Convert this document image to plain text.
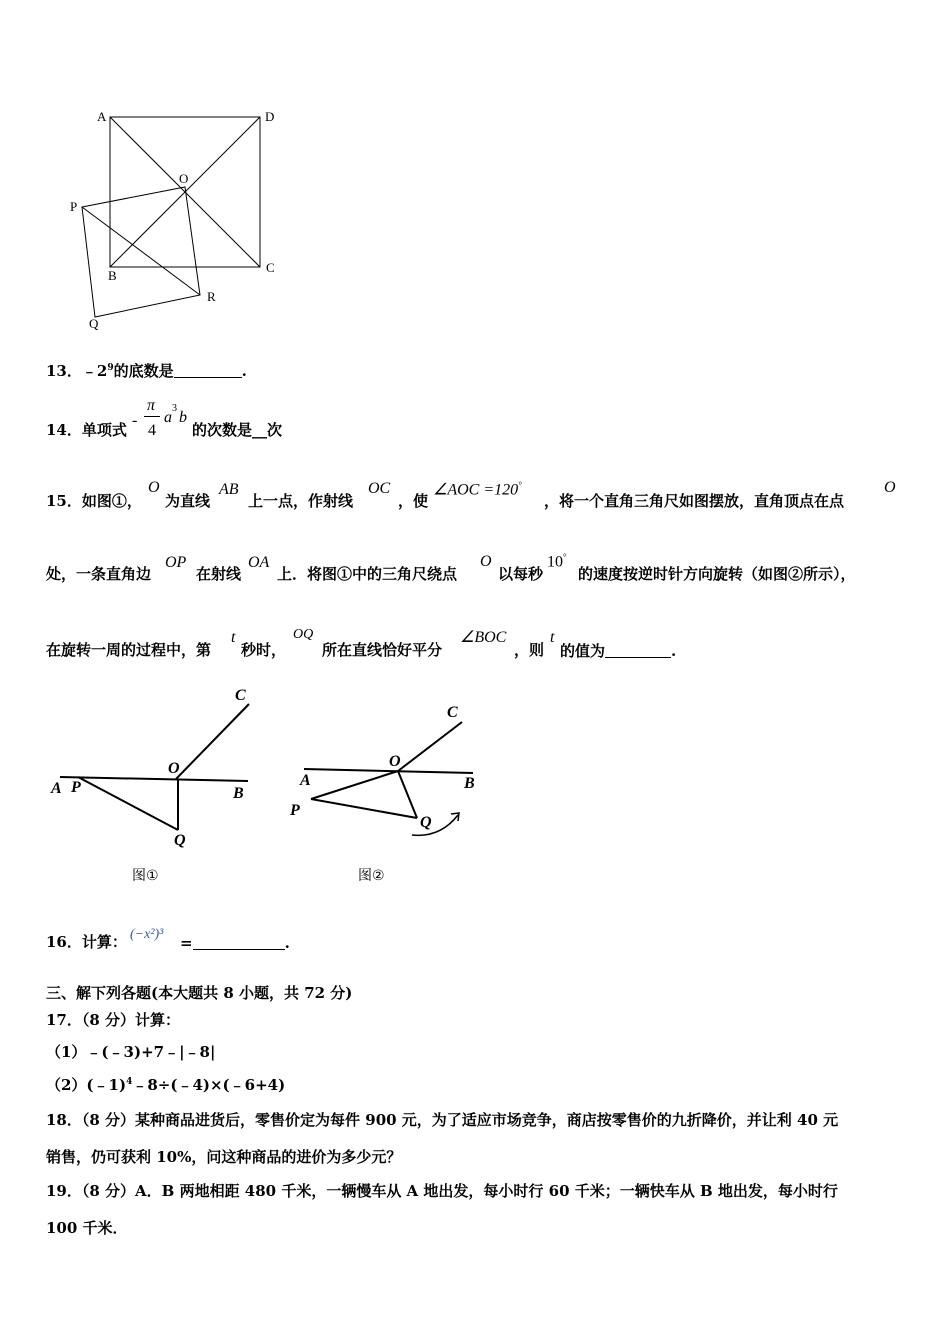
A	D
O
P
B
C
R
Q
13．$﹣2^9$的底数是	.
14．单项式
-
π
4
a
3
b
的次数是__次
15．如图①，
O
为直线
AB
上一点，作射线
OC
，使
∠AOC =120°
，将一个直角三角尺如图摆放，直角顶点在点
O
处，一条直角边
OP
在射线
OA
上．将图①中的三角尺绕点
O
以每秒
10°
的速度按逆时针方向旋转（如图②所示），
在旋转一周的过程中，第
t
秒时，
OQ
所在直线恰好平分
∠BOC
，则
t
的值为	.
C
O
A P	B
Q
图①
C
O
A	B
P
Q
图②
16．计算： (−x²)³ =	.
三、解下列各题(本大题共 8 小题，共 72 分)
17．（8 分）计算：
（1）﹣(﹣3)+7﹣|﹣8|
（2）(﹣1)$^4$﹣8÷(﹣4)×(﹣6+4)
18．（8 分）某种商品进货后，零售价定为每件 900 元，为了适应市场竞争，商店按零售价的九折降价，并让利 40 元
销售，仍可获利 10%，问这种商品的进价为多少元？
19．（8 分）A．B 两地相距 480 千米，一辆慢车从 A 地出发，每小时行 60 千米；一辆快车从 B 地出发，每小时行
100 千米．
